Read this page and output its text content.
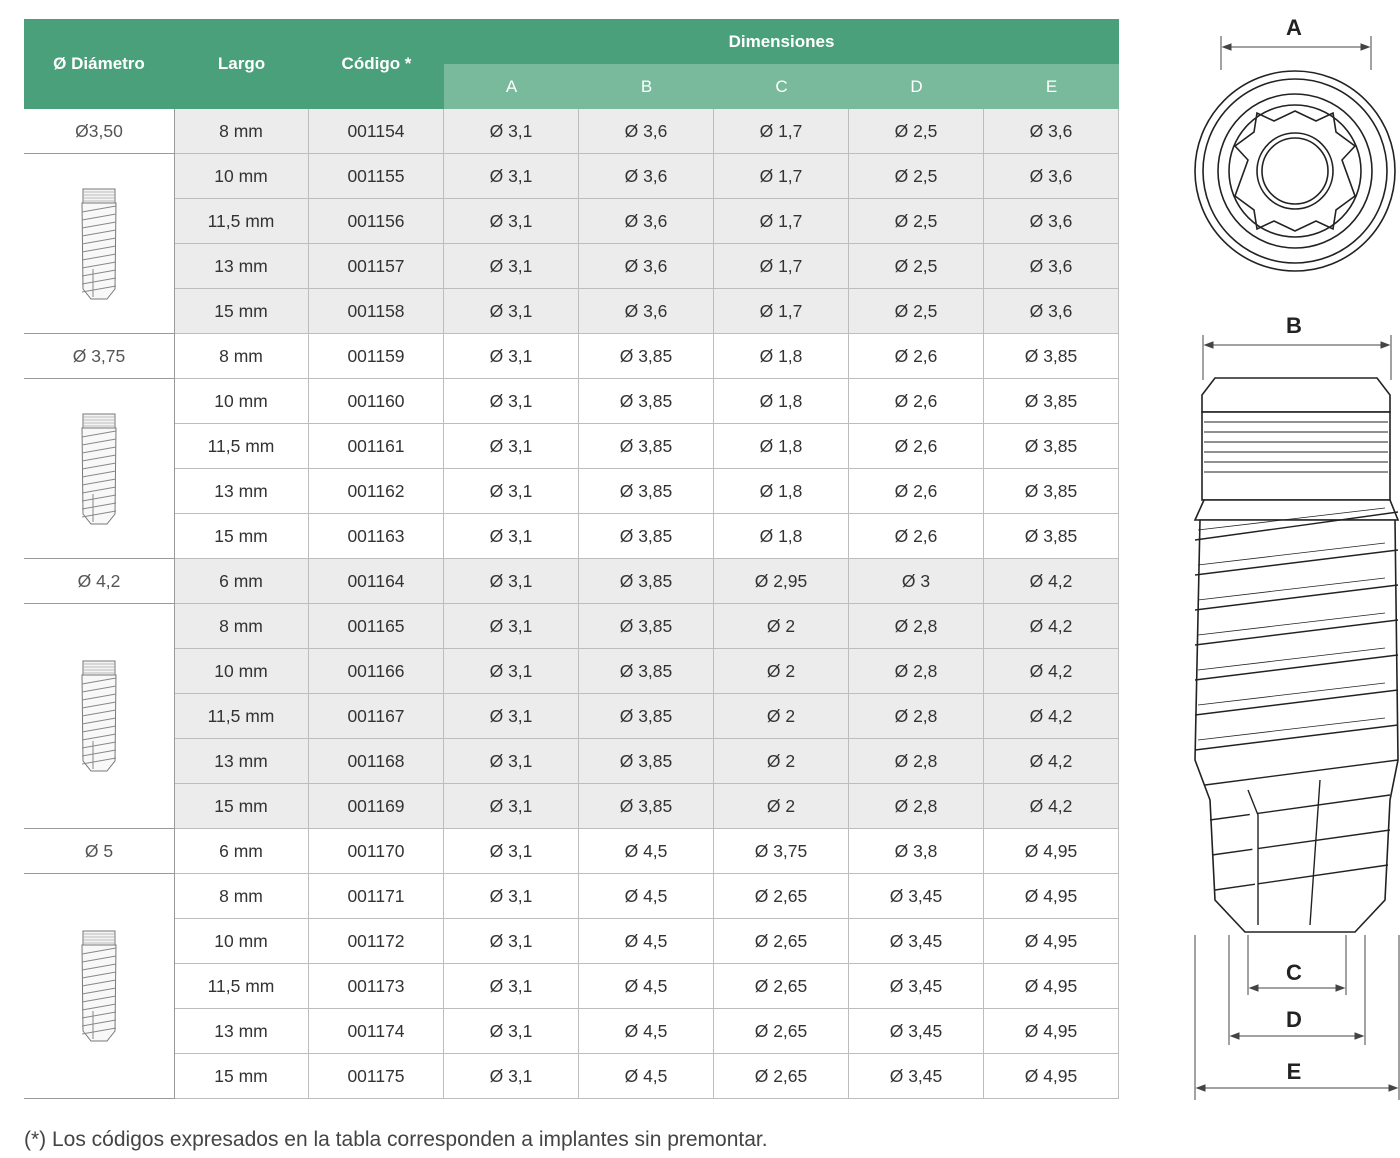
Ø Diámetro	Largo	Código *
Dimensiones
A	B	C	D	E
Ø3,50	8 mm	001154	Ø 3,1	Ø 3,6	Ø 1,7	Ø 2,5	Ø 3,6
10 mm	001155	Ø 3,1	Ø 3,6	Ø 1,7	Ø 2,5	Ø 3,6
11,5 mm	001156	Ø 3,1	Ø 3,6	Ø 1,7	Ø 2,5	Ø 3,6
13 mm	001157	Ø 3,1	Ø 3,6	Ø 1,7	Ø 2,5	Ø 3,6
15 mm	001158	Ø 3,1	Ø 3,6	Ø 1,7	Ø 2,5	Ø 3,6
Ø 3,75	8 mm	001159	Ø 3,1	Ø 3,85	Ø 1,8	Ø 2,6	Ø 3,85
10 mm	001160	Ø 3,1	Ø 3,85	Ø 1,8	Ø 2,6	Ø 3,85
11,5 mm	001161	Ø 3,1	Ø 3,85	Ø 1,8	Ø 2,6	Ø 3,85
13 mm	001162	Ø 3,1	Ø 3,85	Ø 1,8	Ø 2,6	Ø 3,85
15 mm	001163	Ø 3,1	Ø 3,85	Ø 1,8	Ø 2,6	Ø 3,85
Ø 4,2	6 mm	001164	Ø 3,1	Ø 3,85	Ø 2,95	Ø 3	Ø 4,2
8 mm	001165	Ø 3,1	Ø 3,85	Ø 2	Ø 2,8	Ø 4,2
10 mm	001166	Ø 3,1	Ø 3,85	Ø 2	Ø 2,8	Ø 4,2
11,5 mm	001167	Ø 3,1	Ø 3,85	Ø 2	Ø 2,8	Ø 4,2
13 mm	001168	Ø 3,1	Ø 3,85	Ø 2	Ø 2,8	Ø 4,2
15 mm	001169	Ø 3,1	Ø 3,85	Ø 2	Ø 2,8	Ø 4,2
Ø 5	6 mm	001170	Ø 3,1	Ø 4,5	Ø 3,75	Ø 3,8	Ø 4,95
8 mm	001171	Ø 3,1	Ø 4,5	Ø 2,65	Ø 3,45	Ø 4,95
10 mm	001172	Ø 3,1	Ø 4,5	Ø 2,65	Ø 3,45	Ø 4,95
11,5 mm	001173	Ø 3,1	Ø 4,5	Ø 2,65	Ø 3,45	Ø 4,95
13 mm	001174	Ø 3,1	Ø 4,5	Ø 2,65	Ø 3,45	Ø 4,95
15 mm	001175	Ø 3,1	Ø 4,5	Ø 2,65	Ø 3,45	Ø 4,95
(*) Los códigos expresados en la tabla corresponden a implantes sin premontar.
A
B
C
D
E
